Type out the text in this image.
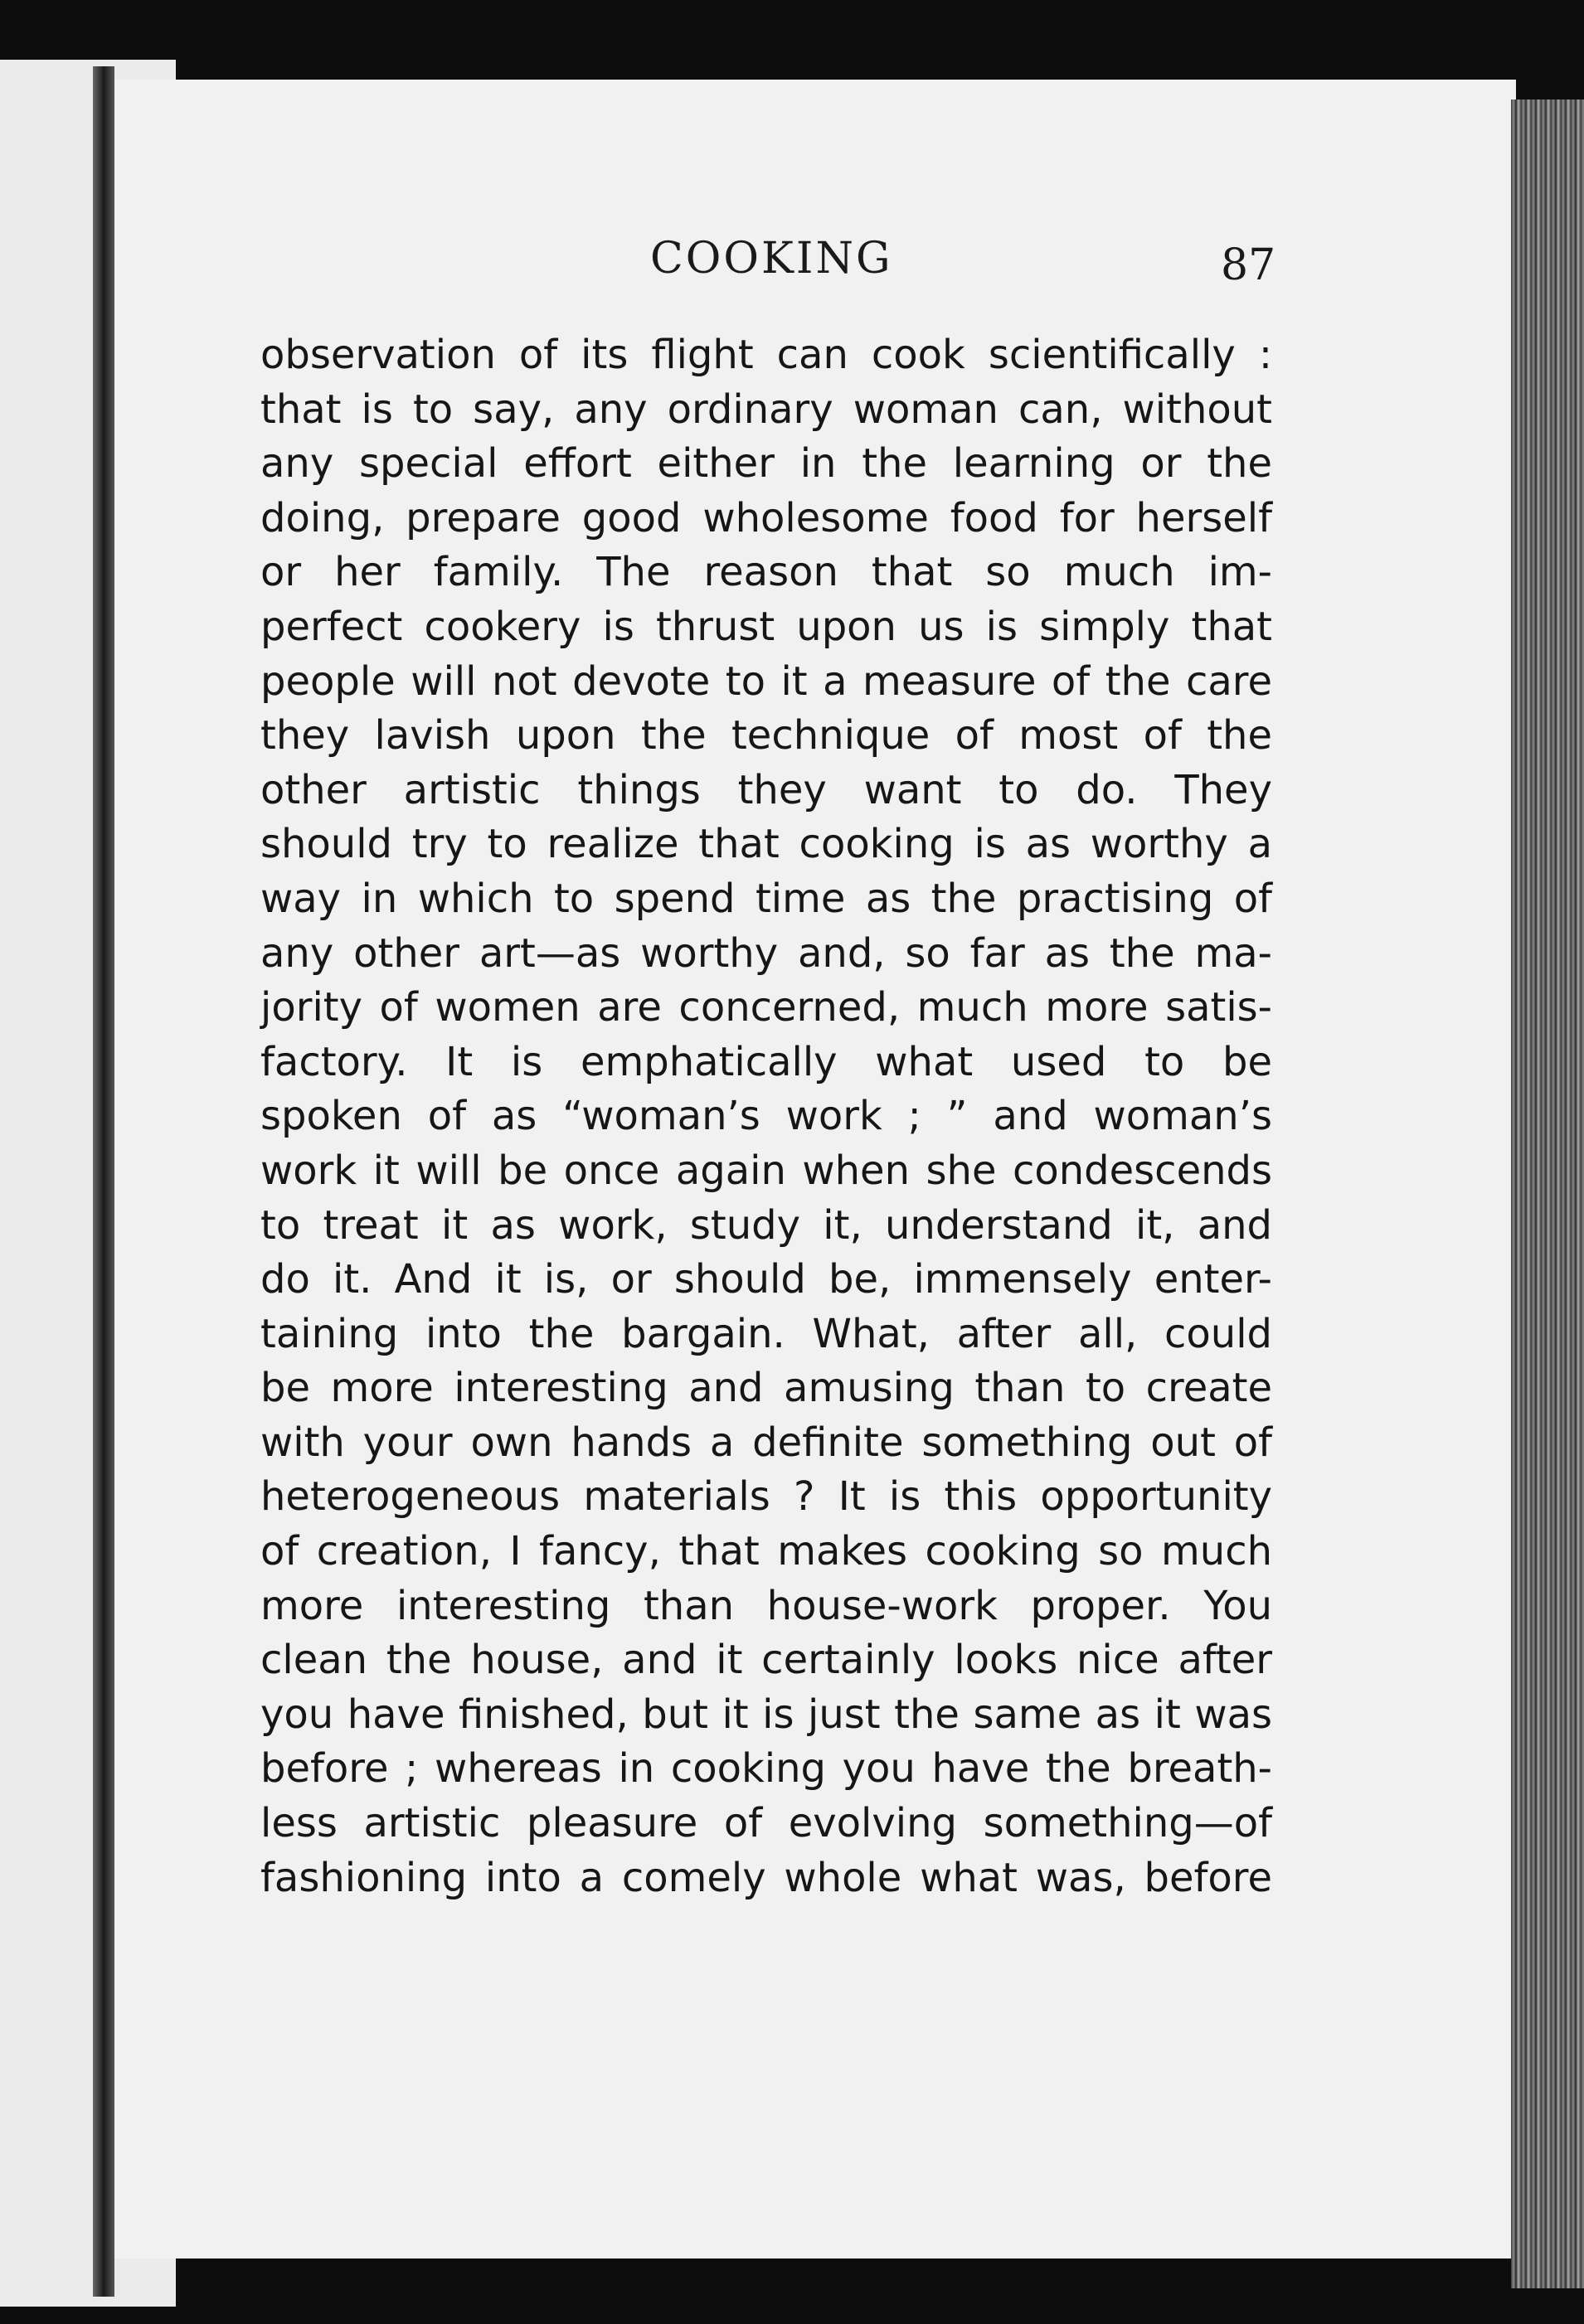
COOKING	87
observation of its flight can cook scientifically :
that is to say, any ordinary woman can, without
any special effort either in the learning or the
doing, prepare good wholesome food for herself
or her family. The reason that so much im-
perfect cookery is thrust upon us is simply that
people will not devote to it a measure of the care
they lavish upon the technique of most of the
other artistic things they want to do. They
should try to realize that cooking is as worthy a
way in which to spend time as the practising of
any other art—as worthy and, so far as the ma-
jority of women are concerned, much more satis-
factory. It is emphatically what used to be
spoken of as “woman’s work ; ” and woman’s
work it will be once again when she condescends
to treat it as work, study it, understand it, and
do it. And it is, or should be, immensely enter-
taining into the bargain. What, after all, could
be more interesting and amusing than to create
with your own hands a definite something out of
heterogeneous materials ? It is this opportunity
of creation, I fancy, that makes cooking so much
more interesting than house-work proper. You
clean the house, and it certainly looks nice after
you have finished, but it is just the same as it was
before ; whereas in cooking you have the breath-
less artistic pleasure of evolving something—of
fashioning into a comely whole what was, before
